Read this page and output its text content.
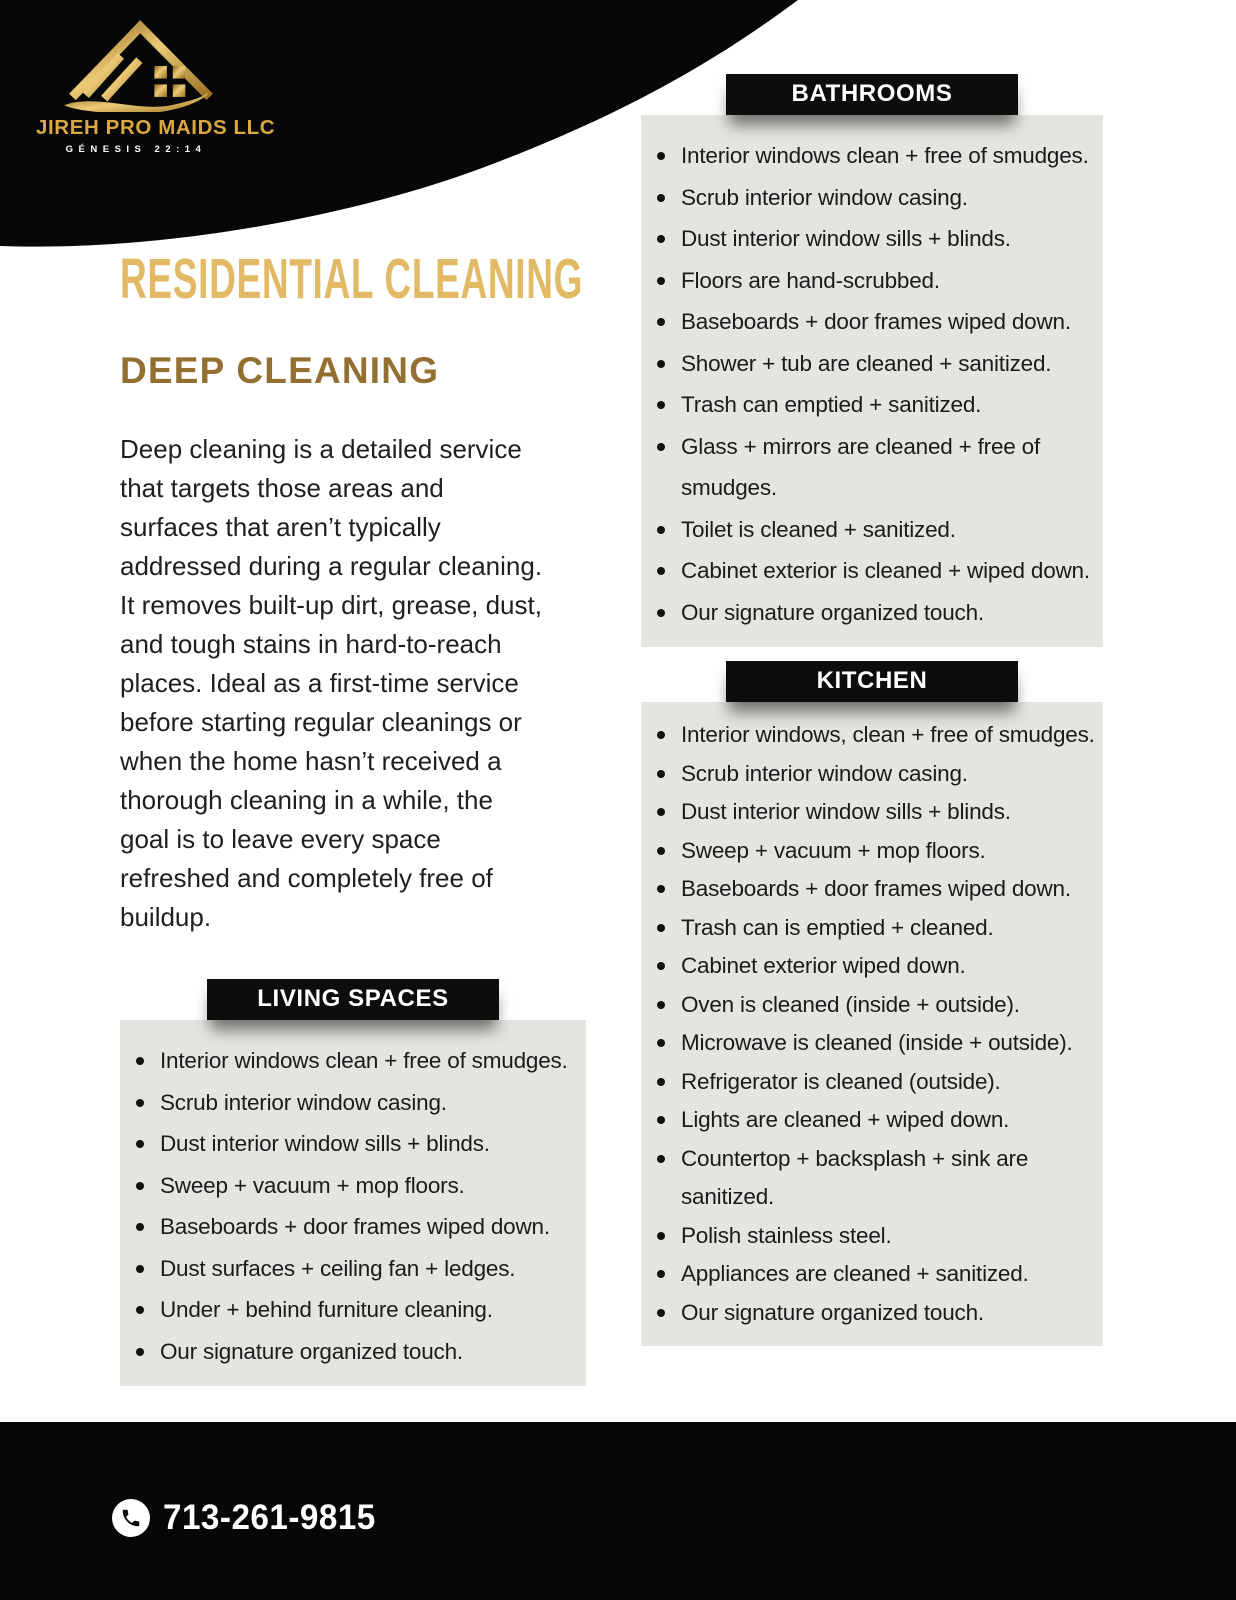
JIREH PRO MAIDS LLC
GÉNESIS 22:14
RESIDENTIAL CLEANING
DEEP CLEANING

Deep cleaning is a detailed service that targets those areas and surfaces that aren’t typically addressed during a regular cleaning. It removes built-up dirt, grease, dust, and tough stains in hard-to-reach places. Ideal as a first-time service before starting regular cleanings or when the home hasn’t received a thorough cleaning in a while, the goal is to leave every space refreshed and completely free of buildup.

LIVING SPACES
Interior windows clean + free of smudges.
Scrub interior window casing.
Dust interior window sills + blinds.
Sweep + vacuum + mop floors.
Baseboards + door frames wiped down.
Dust surfaces + ceiling fan + ledges.
Under + behind furniture cleaning.
Our signature organized touch.
BATHROOMS
Interior windows clean + free of smudges.
Scrub interior window casing.
Dust interior window sills + blinds.
Floors are hand-scrubbed.
Baseboards + door frames wiped down.
Shower + tub are cleaned + sanitized.
Trash can emptied + sanitized.
Glass + mirrors are cleaned + free of smudges.
Toilet is cleaned + sanitized.
Cabinet exterior is cleaned + wiped down.
Our signature organized touch.
KITCHEN
Interior windows, clean + free of smudges.
Scrub interior window casing.
Dust interior window sills + blinds.
Sweep + vacuum + mop floors.
Baseboards + door frames wiped down.
Trash can is emptied + cleaned.
Cabinet exterior wiped down.
Oven is cleaned (inside + outside).
Microwave is cleaned (inside + outside).
Refrigerator is cleaned (outside).
Lights are cleaned + wiped down.
Countertop + backsplash + sink are sanitized.
Polish stainless steel.
Appliances are cleaned + sanitized.
Our signature organized touch.
713-261-9815
